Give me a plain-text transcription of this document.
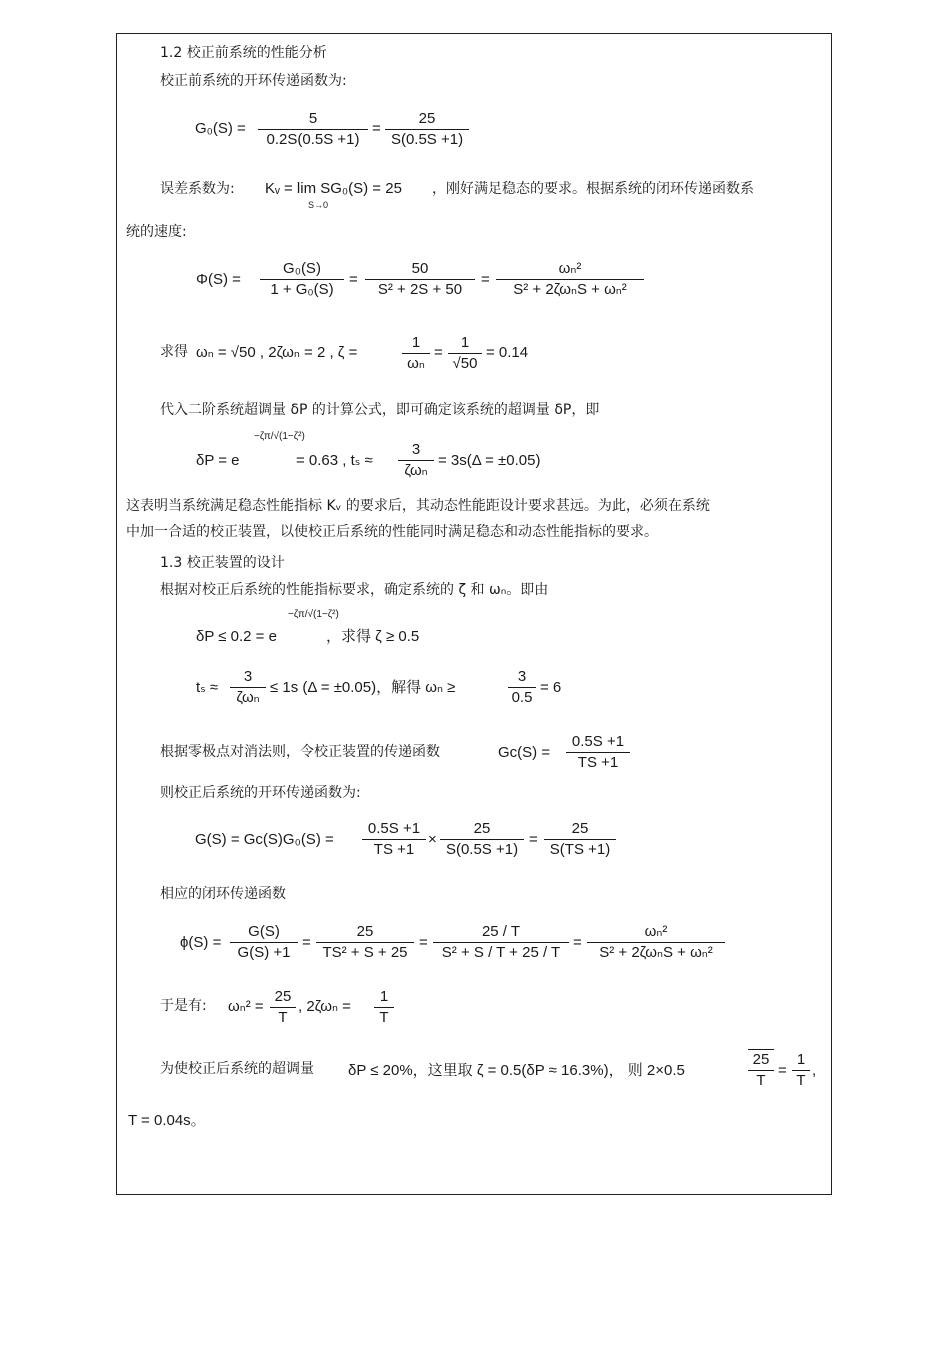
1.2 校正前系统的性能分析
校正前系统的开环传递函数为:
G₀(S) =
5
0.2S(0.5S +1)
=
25
S(0.5S +1)
误差系数为: Kᵥ = lim SG₀(S) = 25
S→0
，刚好满足稳态的要求。根据系统的闭环传递函数系
统的速度:
Φ(S) =
G₀(S)
1 + G₀(S)
=
50
S² + 2S + 50
=
ωₙ²
S² + 2ζωₙS + ωₙ²
求得 ωₙ = √50 , 2ζωₙ = 2 , ζ =
1
ωₙ
=
1
√50
= 0.14
代入二阶系统超调量 δP 的计算公式，即可确定该系统的超调量 δP，即
δP = e
−ζπ/√(1−ζ²)
= 0.63 , tₛ ≈
3
ζωₙ
= 3s(Δ = ±0.05)
这表明当系统满足稳态性能指标 Kᵥ 的要求后，其动态性能距设计要求甚远。为此，必须在系统
中加一合适的校正装置，以使校正后系统的性能同时满足稳态和动态性能指标的要求。
1.3 校正装置的设计
根据对校正后系统的性能指标要求，确定系统的 ζ 和 ωₙ。即由
δP ≤ 0.2 = e
−ζπ/√(1−ζ²)
，求得 ζ ≥ 0.5
tₛ ≈
3
ζωₙ
≤ 1s (Δ = ±0.05)，解得 ωₙ ≥
3
0.5
= 6
根据零极点对消法则，令校正装置的传递函数	Gc(S) =
0.5S +1
TS +1
则校正后系统的开环传递函数为:
G(S) = Gc(S)G₀(S) =
0.5S +1
TS +1
×
25
S(0.5S +1)
=
25
S(TS +1)
相应的闭环传递函数
ϕ(S) =
G(S)
G(S) +1
=
25
TS² + S + 25
=
25 / T
S² + S / T + 25 / T
=
ωₙ²
S² + 2ζωₙS + ωₙ²
于是有: ωₙ² =
25
T
, 2ζωₙ =
1
T
为使校正后系统的超调量 δP ≤ 20%，这里取 ζ = 0.5(δP ≈ 16.3%)， 则 2×0.5
25
T
=
1
T
,
T = 0.04s。
